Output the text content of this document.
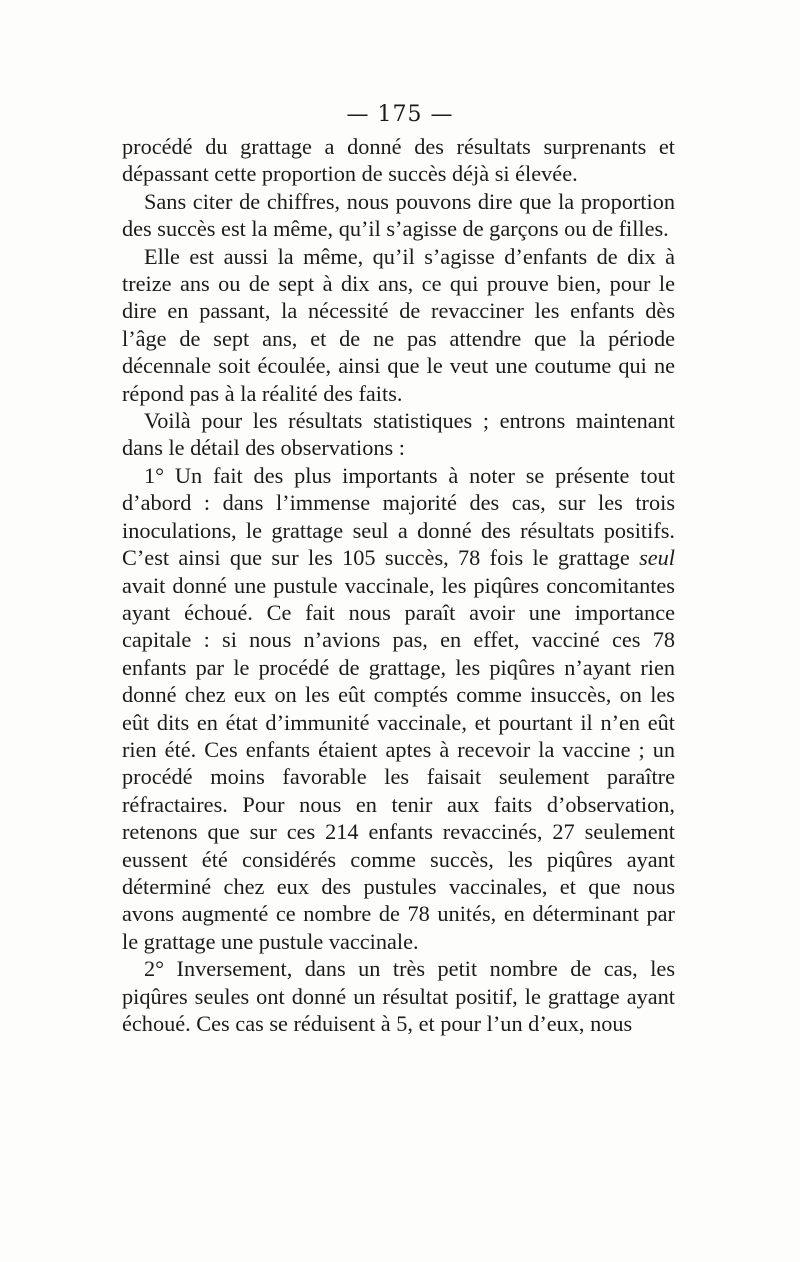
— 175 —

procédé du grattage a donné des résultats surprenants et dépassant cette proportion de succès déjà si élevée.

Sans citer de chiffres, nous pouvons dire que la proportion des succès est la même, qu’il s’agisse de garçons ou de filles.

Elle est aussi la même, qu’il s’agisse d’enfants de dix à treize ans ou de sept à dix ans, ce qui prouve bien, pour le dire en passant, la nécessité de revacciner les enfants dès l’âge de sept ans, et de ne pas attendre que la période décennale soit écoulée, ainsi que le veut une coutume qui ne répond pas à la réalité des faits.

Voilà pour les résultats statistiques ; entrons maintenant dans le détail des observations :

1° Un fait des plus importants à noter se présente tout d’abord : dans l’immense majorité des cas, sur les trois inoculations, le grattage seul a donné des résultats positifs. C’est ainsi que sur les 105 succès, 78 fois le grattage seul avait donné une pustule vaccinale, les piqûres concomitantes ayant échoué. Ce fait nous paraît avoir une importance capitale : si nous n’avions pas, en effet, vacciné ces 78 enfants par le procédé de grattage, les piqûres n’ayant rien donné chez eux on les eût comptés comme insuccès, on les eût dits en état d’immunité vaccinale, et pourtant il n’en eût rien été. Ces enfants étaient aptes à recevoir la vaccine ; un procédé moins favorable les faisait seulement paraître réfractaires. Pour nous en tenir aux faits d’observation, retenons que sur ces 214 enfants revaccinés, 27 seulement eussent été considérés comme succès, les piqûres ayant déterminé chez eux des pustules vaccinales, et que nous avons augmenté ce nombre de 78 unités, en déterminant par le grattage une pustule vaccinale.

2° Inversement, dans un très petit nombre de cas, les piqûres seules ont donné un résultat positif, le grattage ayant échoué. Ces cas se réduisent à 5, et pour l’un d’eux, nous
